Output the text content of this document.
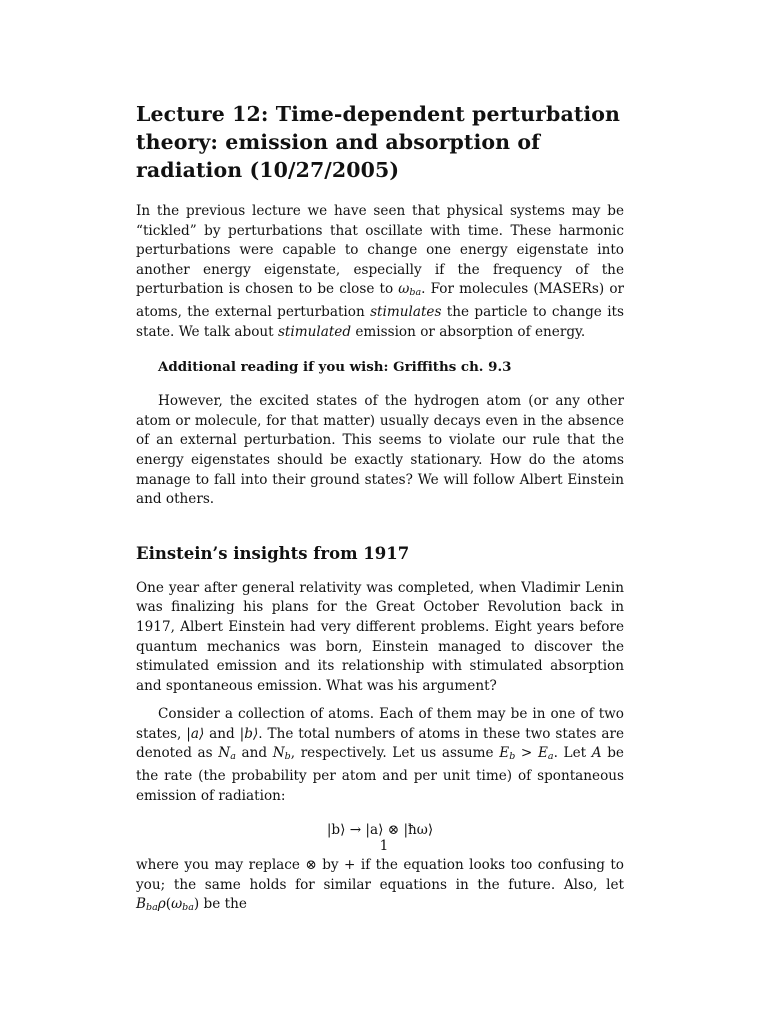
Lecture 12: Time-dependent perturbation theory: emission and absorption of radiation (10/27/2005)

In the previous lecture we have seen that physical systems may be “tickled” by perturbations that oscillate with time. These harmonic perturbations were capable to change one energy eigenstate into another energy eigenstate, especially if the frequency of the perturbation is chosen to be close to $\omega_{ba}$. For molecules (MASERs) or atoms, the external perturbation stimulates the particle to change its state. We talk about stimulated emission or absorption of energy.

Additional reading if you wish: Griffiths ch. 9.3

However, the excited states of the hydrogen atom (or any other atom or molecule, for that matter) usually decays even in the absence of an external perturbation. This seems to violate our rule that the energy eigenstates should be exactly stationary. How do the atoms manage to fall into their ground states? We will follow Albert Einstein and others.

Einstein’s insights from 1917

One year after general relativity was completed, when Vladimir Lenin was finalizing his plans for the Great October Revolution back in 1917, Albert Einstein had very different problems. Eight years before quantum mechanics was born, Einstein managed to discover the stimulated emission and its relationship with stimulated absorption and spontaneous emission. What was his argument?

Consider a collection of atoms. Each of them may be in one of two states, |a⟩ and |b⟩. The total numbers of atoms in these two states are denoted as $N_a$ and $N_b$, respectively. Let us assume $E_b > E_a$. Let A be the rate (the probability per atom and per unit time) of spontaneous emission of radiation:

|b⟩ → |a⟩ ⊗ |ħω⟩

where you may replace ⊗ by + if the equation looks too confusing to you; the same holds for similar equations in the future. Also, let $B_{ba}\rho(\omega_{ba})$ be the

1
